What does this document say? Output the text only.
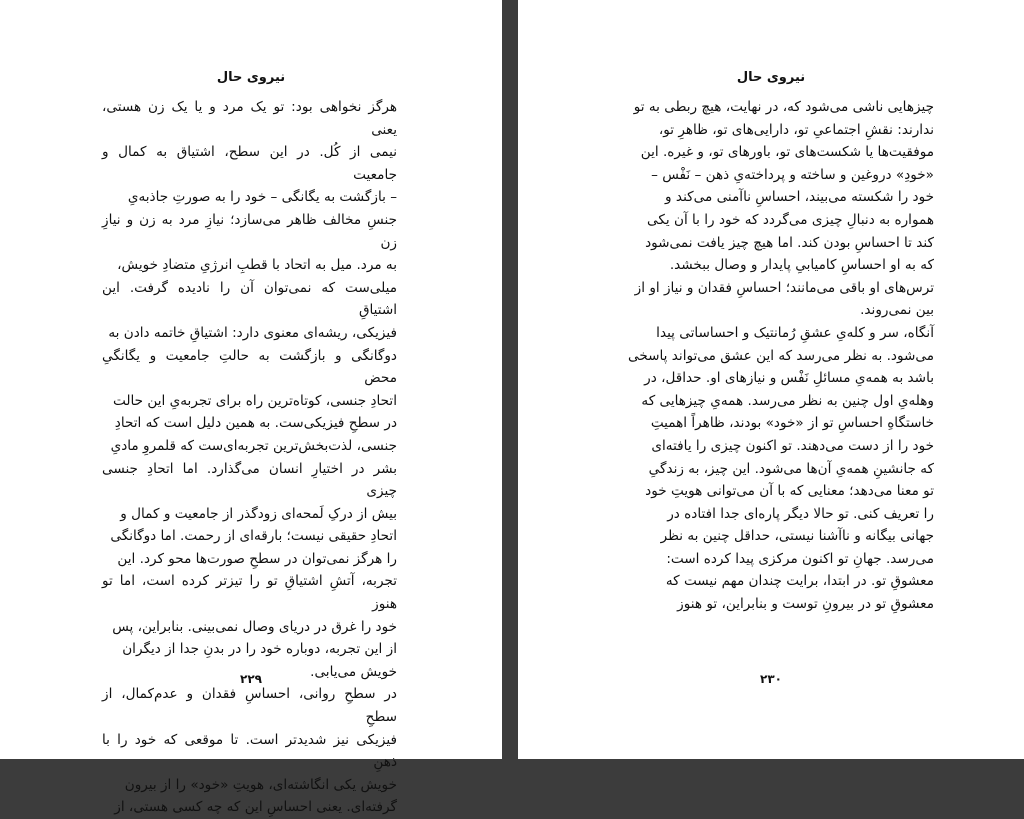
نیروی حال

هرگز نخواهی بود: تو یک مرد و یا یک زن هستی، یعنی
نیمی از کُل. در این سطح، اشتیاق به کمال و جامعیت
– بازگشت به یگانگی – خود را به صورتِ جاذبه‌یِ
جنسِ مخالف ظاهر می‌سازد؛ نیازِ مرد به زن و نیازِ زن
به مرد. میل به اتحاد با قطبِ انرژیِ متضادِ خویش،
میلی‌ست که نمی‌توان آن را نادیده گرفت. این اشتیاقِ
فیزیکی، ریشه‌ای معنوی دارد: اشتیاقِ خاتمه دادن به
دوگانگی و بازگشت به حالتِ جامعیت و یگانگیِ محض
اتحادِ جنسی، کوتاه‌ترین راه برای تجربه‌یِ این حالت
در سطحِ فیزیکی‌ست. به همین دلیل است که اتحادِ
جنسی، لذت‌بخش‌ترین تجربه‌ای‌ست که قلمروِ مادیِ
بشر در اختیارِ انسان می‌گذارد. اما اتحادِ جنسی چیزی
بیش از درکِ لَمحه‌ای زودگذر از جامعیت و کمال و
اتحادِ حقیقی نیست؛ بارقه‌ای از رحمت. اما دوگانگی
را هرگز نمی‌توان در سطحِ صورت‌ها محو کرد. این
تجربه، آتشِ اشتیاقِ تو را تیزتر کرده است، اما تو هنوز
خود را غرق در دریای وصال نمی‌بینی. بنابراین، پس
از این تجربه، دوباره خود را در بدنِ جدا از دیگران
خویش می‌یابی.

در سطحِ روانی، احساسِ فقدان و عدم‌کمال، از سطحِ
فیزیکی نیز شدیدتر است. تا موقعی که خود را با ذهنِ
خویش یکی انگاشته‌ای، هویتِ «خود» را از بیرون
گرفته‌ای. یعنی احساسِ این که چه کسی هستی، از

۲۲۹
نیروی حال

چیزهایی ناشی می‌شود که، در نهایت، هیچ ربطی به تو
ندارند: نقشِ اجتماعیِ تو، دارایی‌های تو، ظاهرِ تو،
موفقیت‌ها یا شکست‌های تو، باورهای تو، و غیره. این
«خودِ» دروغین و ساخته و پرداخته‌یِ ذهن – نَفْس –
خود را شکسته می‌بیند، احساسِ ناآمنی می‌کند و
همواره به دنبالِ چیزی می‌گردد که خود را با آن یکی
کند تا احساسِ بودن کند. اما هیچ چیز یافت نمی‌شود
که به او احساسِ کامیابیِ پایدار و وصال ببخشد.
ترس‌های او باقی می‌مانند؛ احساسِ فقدان و نیاز او از
بین نمی‌روند.

آنگاه، سر و کله‌یِ عشقِ رُمانتیک و احساساتی پیدا
می‌شود. به نظر می‌رسد که این عشق می‌تواند پاسخی
باشد به همه‌یِ مسائلِ نَفْس و نیازهای او. حداقل، در
وهله‌یِ اول چنین به نظر می‌رسد. همه‌یِ چیزهایی که
خاستگاهِ احساسِ تو از «خود» بودند، ظاهراً اهمیتِ
خود را از دست می‌دهند. تو اکنون چیزی را یافته‌ای
که جانشینِ همه‌یِ آن‌ها می‌شود. این چیز، به زندگیِ
تو معنا می‌دهد؛ معنایی که با آن می‌توانی هویتِ خود
را تعریف کنی. تو حالا دیگر پاره‌ای جدا افتاده در
جهانی بیگانه و ناآشنا نیستی، حداقل چنین به نظر
می‌رسد. جهانِ تو اکنون مرکزی پیدا کرده است:
معشوقِ تو. در ابتدا، برایت چندان مهم نیست که
معشوقِ تو در بیرونِ توست و بنابراین، تو هنوز

۲۳۰
